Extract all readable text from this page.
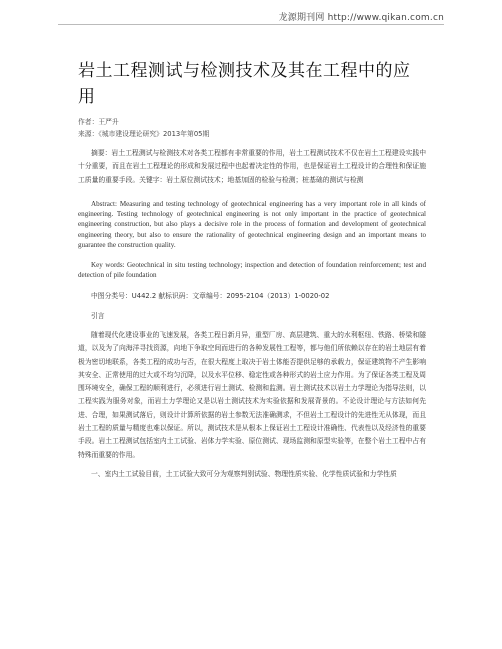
龙源期刊网 http://www.qikan.com.cn
岩土工程测试与检测技术及其在工程中的应用
作者：王严升
来源：《城市建设理论研究》2013年第05期

摘要：岩土工程测试与检测技术对各类工程都有非常重要的作用，岩土工程测试技术不仅在岩土工程建设实践中十分重要，而且在岩土工程理论的形成和发展过程中也起着决定性的作用，也是保证岩土工程设计的合理性和保证施工质量的重要手段。关键字：岩土原位测试技术；地基加固的检验与检测；桩基础的测试与检测

Abstract: Measuring and testing technology of geotechnical engineering has a very important role in all kinds of engineering. Testing technology of geotechnical engineering is not only important in the practice of geotechnical engineering construction, but also plays a decisive role in the process of formation and development of geotechnical engineering theory, but also to ensure the rationality of geotechnical engineering design and an important means to guarantee the construction quality.

Key words: Geotechnical in situ testing technology; inspection and detection of foundation reinforcement; test and detection of pile foundation

中图分类号：U442.2 献标识码：文章编号：2095-2104（2013）1-0020-02

引言

随着现代化建设事业的飞速发展，各类工程日新月异，重型厂房、高层建筑、重大的水利枢纽、铁路、桥梁和隧道，以及为了向海洋寻找资源，向地下争取空间而进行的各种发展性工程等，都与他们所依赖以存在的岩土地层有着极为密切地联系，各类工程的成功与否，在很大程度上取决于岩土体能否提供足够的承载力，保证建筑物不产生影响其安全、正常使用的过大或不均匀沉降，以及水平位移、稳定性或各种形式的岩土应力作用。为了保证各类工程及周围环境安全，确保工程的顺利进行，必须进行岩土测试、检测和监测。岩土测试技术以岩土力学理论为指导法则，以工程实践为服务对象，而岩土力学理论又是以岩土测试技术为实验依据和发展背景的。不论设计理论与方法如何先进、合理，如果测试落后，则设计计算所依据的岩土参数无法准确测求，不但岩土工程设计的先进性无从体现，而且岩土工程的质量与精度也难以保证。所以，测试技术是从根本上保证岩土工程设计准确性、代表性以及经济性的重要手段。岩土工程测试包括室内土工试验、岩体力学实验、原位测试、现场监测和原型实验等，在整个岩土工程中占有特殊而重要的作用。

一、室内土工试验目前，土工试验大致可分为观察判别试验、物理性质实验、化学性质试验和力学性质
